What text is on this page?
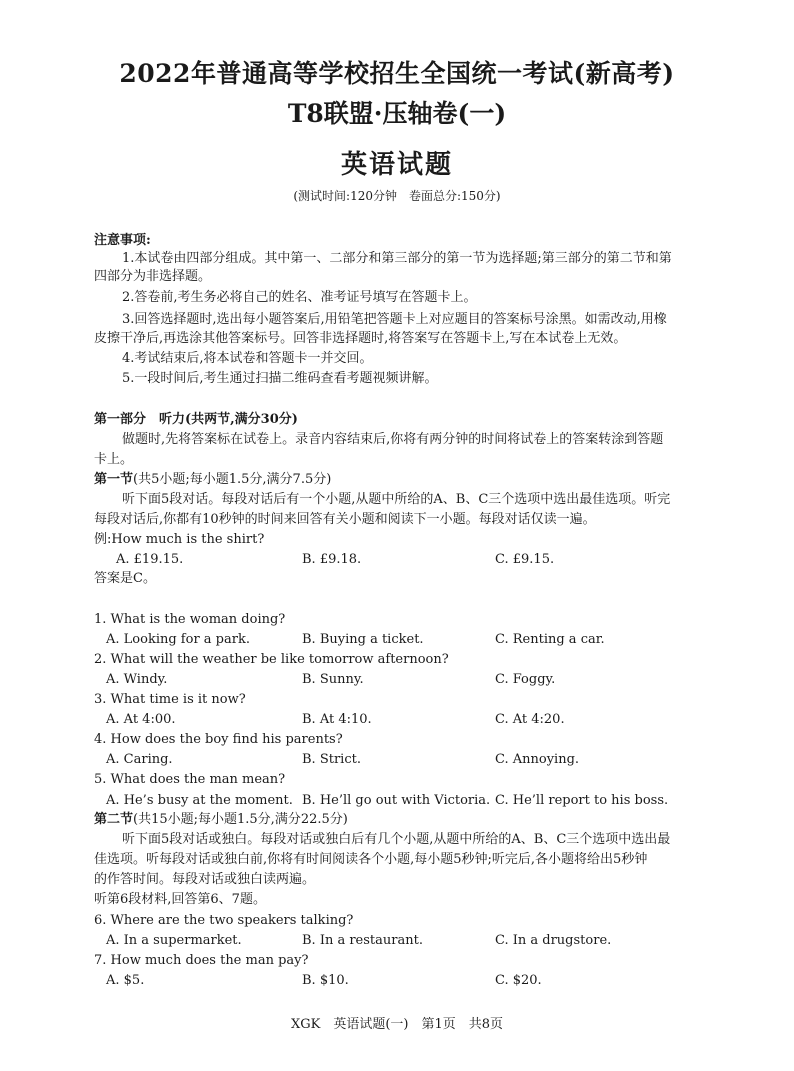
2022年普通高等学校招生全国统一考试(新高考)
T8联盟·压轴卷(一)
英语试题
(测试时间:120分钟　卷面总分:150分)
注意事项:
1.本试卷由四部分组成。其中第一、二部分和第三部分的第一节为选择题;第三部分的第二节和第
四部分为非选择题。
2.答卷前,考生务必将自己的姓名、准考证号填写在答题卡上。
3.回答选择题时,选出每小题答案后,用铅笔把答题卡上对应题目的答案标号涂黑。如需改动,用橡
皮擦干净后,再选涂其他答案标号。回答非选择题时,将答案写在答题卡上,写在本试卷上无效。
4.考试结束后,将本试卷和答题卡一并交回。
5.一段时间后,考生通过扫描二维码查看考题视频讲解。
第一部分　听力(共两节,满分30分)
做题时,先将答案标在试卷上。录音内容结束后,你将有两分钟的时间将试卷上的答案转涂到答题
卡上。
第一节(共5小题;每小题1.5分,满分7.5分)
听下面5段对话。每段对话后有一个小题,从题中所给的A、B、C三个选项中选出最佳选项。听完
每段对话后,你都有10秒钟的时间来回答有关小题和阅读下一小题。每段对话仅读一遍。
例:How much is the shirt?
A. £19.15.	B. £9.18.	C. £9.15.
答案是C。
1. What is the woman doing?
A. Looking for a park.	B. Buying a ticket.	C. Renting a car.
2. What will the weather be like tomorrow afternoon?
A. Windy.	B. Sunny.	C. Foggy.
3. What time is it now?
A. At 4:00.	B. At 4:10.	C. At 4:20.
4. How does the boy find his parents?
A. Caring.	B. Strict.	C. Annoying.
5. What does the man mean?
A. He’s busy at the moment. B. He’ll go out with Victoria. C. He’ll report to his boss.
第二节(共15小题;每小题1.5分,满分22.5分)
听下面5段对话或独白。每段对话或独白后有几个小题,从题中所给的A、B、C三个选项中选出最
佳选项。听每段对话或独白前,你将有时间阅读各个小题,每小题5秒钟;听完后,各小题将给出5秒钟
的作答时间。每段对话或独白读两遍。
听第6段材料,回答第6、7题。
6. Where are the two speakers talking?
A. In a supermarket.	B. In a restaurant.	C. In a drugstore.
7. How much does the man pay?
A. $5.	B. $10.	C. $20.
XGK　英语试题(一)　第1页　共8页
